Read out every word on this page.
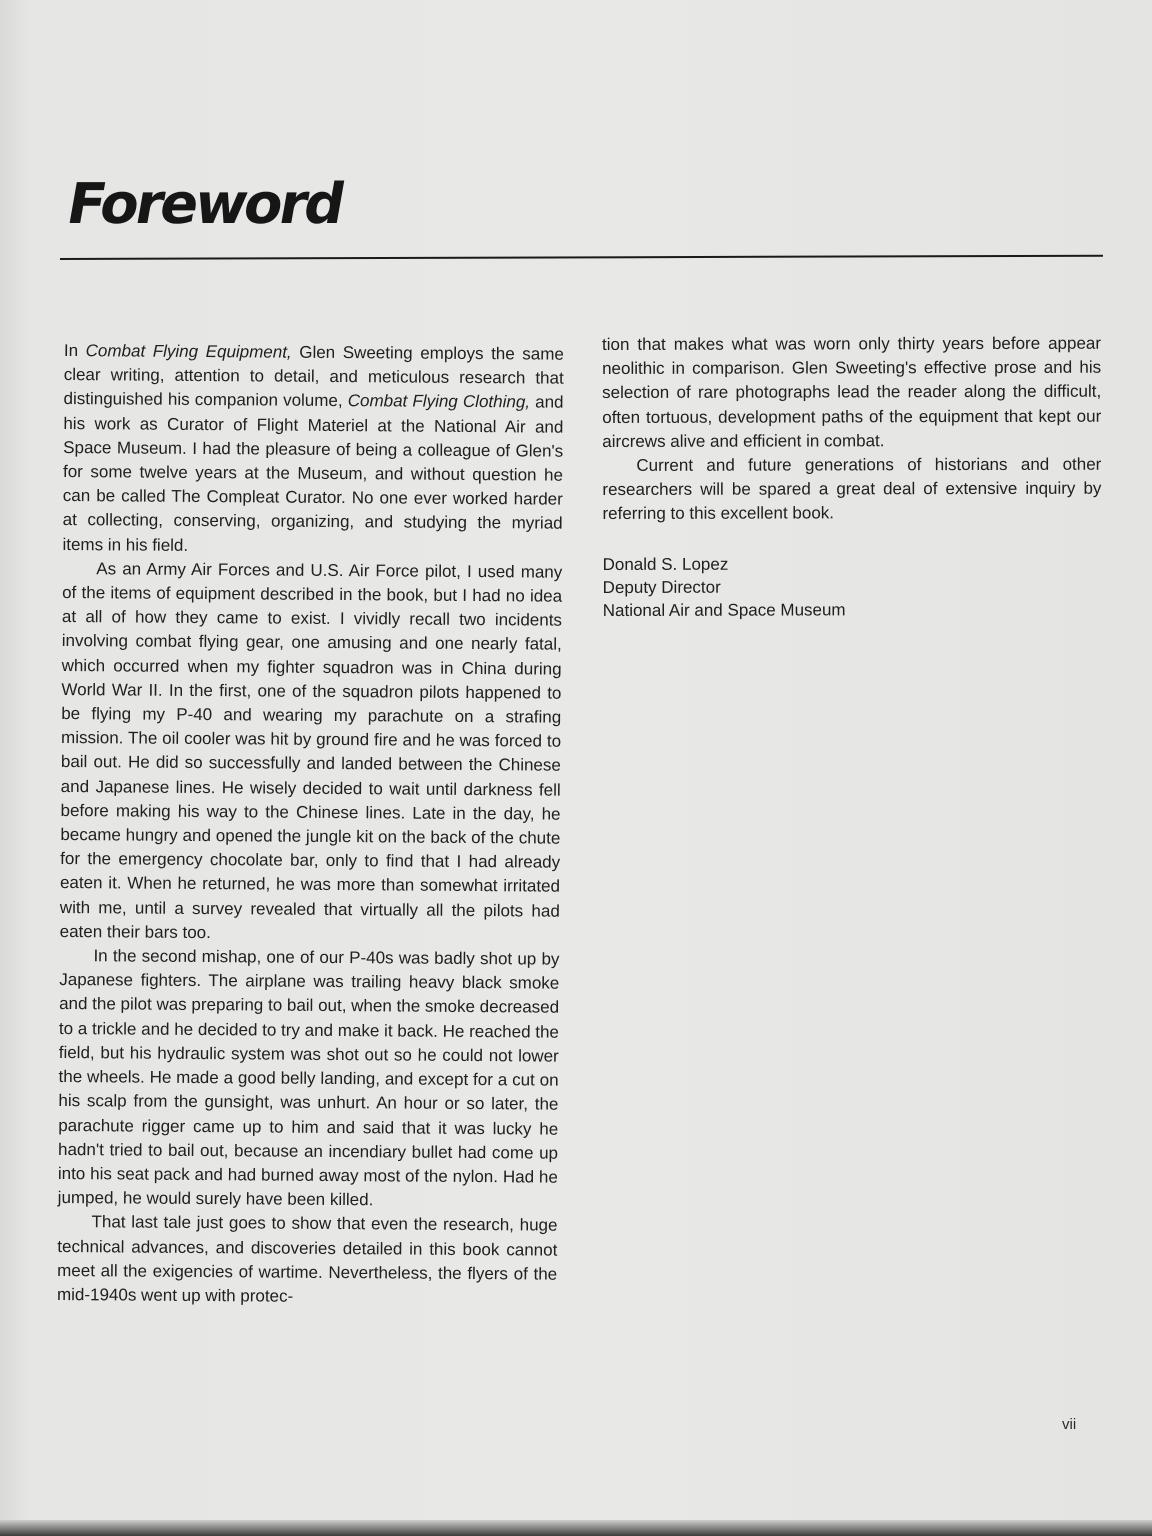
Foreword

In Combat Flying Equipment, Glen Sweeting employs the same clear writing, attention to detail, and meticulous research that distinguished his companion volume, Combat Flying Clothing, and his work as Curator of Flight Materiel at the National Air and Space Museum. I had the pleasure of being a colleague of Glen's for some twelve years at the Museum, and without question he can be called The Compleat Curator. No one ever worked harder at collecting, conserving, organizing, and studying the myriad items in his field.

As an Army Air Forces and U.S. Air Force pilot, I used many of the items of equipment described in the book, but I had no idea at all of how they came to exist. I vividly recall two incidents involving combat flying gear, one amusing and one nearly fatal, which occurred when my fighter squadron was in China during World War II. In the first, one of the squadron pilots happened to be flying my P-40 and wearing my parachute on a strafing mission. The oil cooler was hit by ground fire and he was forced to bail out. He did so successfully and landed between the Chinese and Japanese lines. He wisely decided to wait until darkness fell before making his way to the Chinese lines. Late in the day, he became hungry and opened the jungle kit on the back of the chute for the emergency chocolate bar, only to find that I had already eaten it. When he returned, he was more than somewhat irritated with me, until a survey revealed that virtually all the pilots had eaten their bars too.

In the second mishap, one of our P-40s was badly shot up by Japanese fighters. The airplane was trailing heavy black smoke and the pilot was preparing to bail out, when the smoke decreased to a trickle and he decided to try and make it back. He reached the field, but his hydraulic system was shot out so he could not lower the wheels. He made a good belly landing, and except for a cut on his scalp from the gunsight, was unhurt. An hour or so later, the parachute rigger came up to him and said that it was lucky he hadn't tried to bail out, because an incendiary bullet had come up into his seat pack and had burned away most of the nylon. Had he jumped, he would surely have been killed.

That last tale just goes to show that even the research, huge technical advances, and discoveries detailed in this book cannot meet all the exigencies of wartime. Nevertheless, the flyers of the mid-1940s went up with protec-

tion that makes what was worn only thirty years before appear neolithic in comparison. Glen Sweeting's effective prose and his selection of rare photographs lead the reader along the difficult, often tortuous, development paths of the equipment that kept our aircrews alive and efficient in combat.

Current and future generations of historians and other researchers will be spared a great deal of extensive inquiry by referring to this excellent book.

Donald S. Lopez
Deputy Director
National Air and Space Museum
vii
